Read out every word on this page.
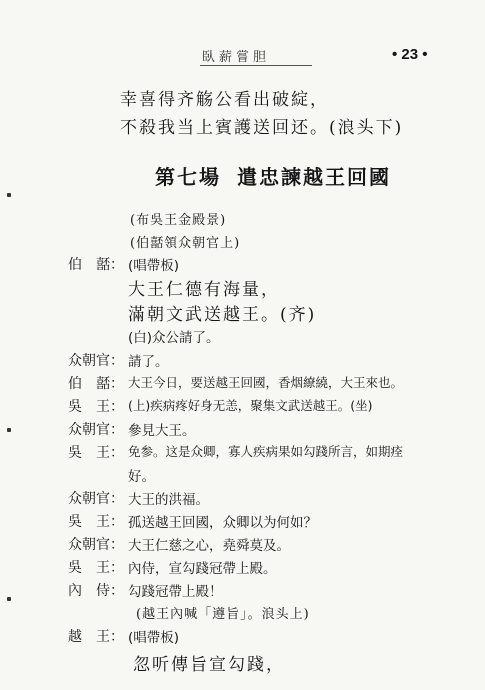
臥薪嘗胆	• 23 •
幸喜得齐觞公看出破綻，
不殺我当上賓護送回还。(浪头下)
第七場 遣忠諫越王回國
(布吳王金殿景)
(伯嚭領众朝官上)
伯　嚭： (唱帶板)
大王仁德有海量，
滿朝文武送越王。(齐)
(白)众公請了。
众朝官： 請了。
伯　嚭： 大王今日，要送越王回國，香烟繚繞，大王來也。
吳　王： (上)疾病疼好身无恙，聚集文武送越王。(坐)
众朝官： 參見大王。
吳　王： 免参。这是众卿，寡人疾病果如勾踐所言，如期痊
好。
众朝官： 大王的洪福。
吳　王： 孤送越王回國，众卿以为何如？
众朝官： 大王仁慈之心，堯舜莫及。
吳　王： 內侍，宣勾踐冠帶上殿。
內　侍： 勾踐冠帶上殿！
(越王內喊「遵旨」。浪头上)
越　王： (唱帶板)
忽听傳旨宣勾踐，
